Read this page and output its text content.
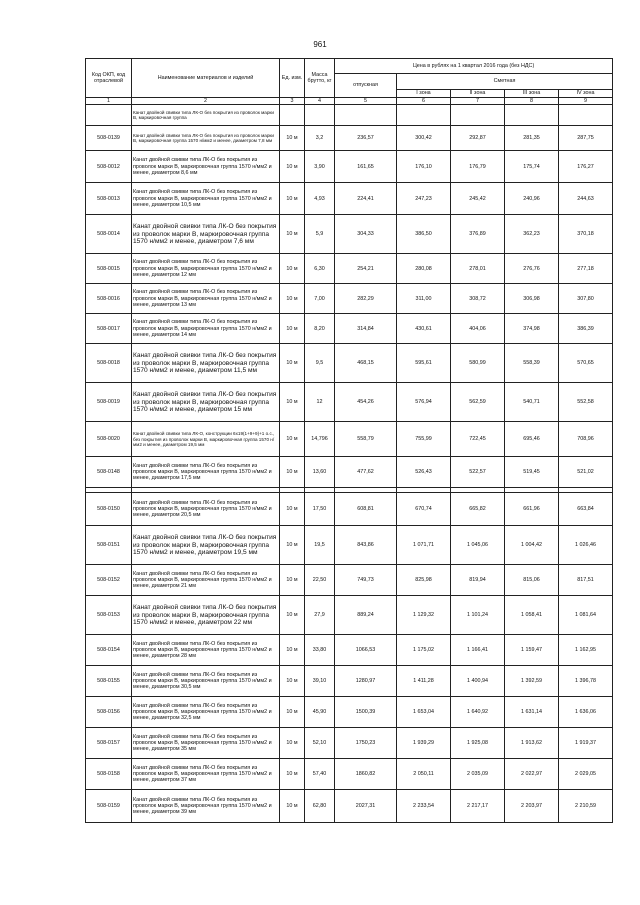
961
Код ОКП, код отраслевой	Наименование материалов и изделий	Ед. изм.	Масса брутто, кг	Цена в рублях на 1 квартал 2016 года (без НДС)				
				отпускная	Сметная			
					I зона	II зона	III зона	IV зона
1	2	3	4	5	6	7	8	9
	Канат двойной свивки типа ЛК-О без покрытия из проволок марки В, маркировочная группа							
508-0139	Канат двойной свивки типа ЛК-О без покрытия из проволок марки В, маркировочная группа 1570 н/мм2 и менее, диаметром 7,8 мм	10 м	3,2	236,57	300,42	292,87	281,35	287,75
508-0012	Канат двойной свивки типа ЛК-О без покрытия из проволок марки В, маркировочная группа 1570 н/мм2 и менее, диаметром 8,6 мм	10 м	3,90	161,65	176,10	176,79	175,74	176,27
508-0013	Канат двойной свивки типа ЛК-О без покрытия из проволок марки В, маркировочная группа 1570 н/мм2 и менее, диаметром 10,5 мм	10 м	4,93	224,41	247,23	245,42	240,96	244,63
508-0014	Канат двойной свивки типа ЛК-О без покрытия из проволок марки В, маркировочная группа 1570 н/мм2 и менее, диаметром 7,6 мм	10 м	5,9	304,33	386,50	376,89	362,23	370,18
508-0015	Канат двойной свивки типа ЛК-О без покрытия из проволок марки В, маркировочная группа 1570 н/мм2 и менее, диаметром 12 мм	10 м	6,30	254,21	280,08	278,01	276,76	277,18
508-0016	Канат двойной свивки типа ЛК-О без покрытия из проволок марки В, маркировочная группа 1570 н/мм2 и менее, диаметром 13 мм	10 м	7,00	282,29	311,00	308,72	306,98	307,80
508-0017	Канат двойной свивки типа ЛК-О без покрытия из проволок марки В, маркировочная группа 1570 н/мм2 и менее, диаметром 14 мм	10 м	8,20	314,84	430,61	404,06	374,98	386,39
508-0018	Канат двойной свивки типа ЛК-О без покрытия из проволок марки В, маркировочная группа 1570 н/мм2 и менее, диаметром 11,5 мм	10 м	9,5	468,15	595,61	580,99	558,39	570,65
508-0019	Канат двойной свивки типа ЛК-О без покрытия из проволок марки В, маркировочная группа 1570 н/мм2 и менее, диаметром 15 мм	10 м	12	454,26	576,94	562,59	540,71	552,58
508-0020	Канат двойной свивки типа ЛК-О, конструкции 6х19(1+9+9)+1 о.с., без покрытия из проволок марки В, маркировочная группа 1570 н/мм2 и менее, диаметром 19,5 мм	10 м	14,796	558,79	755,99	722,45	695,46	708,96
508-0148	Канат двойной свивки типа ЛК-О без покрытия из проволок марки В, маркировочная группа 1570 н/мм2 и менее, диаметром 17,5 мм	10 м	13,60	477,62	526,43	522,57	519,45	521,02

508-0150	Канат двойной свивки типа ЛК-О без покрытия из проволок марки В, маркировочная группа 1570 н/мм2 и менее, диаметром 20,5 мм	10 м	17,50	608,81	670,74	665,82	661,96	663,84
508-0151	Канат двойной свивки типа ЛК-О без покрытия из проволок марки В, маркировочная группа 1570 н/мм2 и менее, диаметром 19,5 мм	10 м	19,5	843,86	1 071,71	1 045,06	1 004,42	1 026,46
508-0152	Канат двойной свивки типа ЛК-О без покрытия из проволок марки В, маркировочная группа 1570 н/мм2 и менее, диаметром 21 мм	10 м	22,50	749,73	825,98	819,94	815,06	817,51
508-0153	Канат двойной свивки типа ЛК-О без покрытия из проволок марки В, маркировочная группа 1570 н/мм2 и менее, диаметром 22 мм	10 м	27,9	889,24	1 129,32	1 101,24	1 058,41	1 081,64
508-0154	Канат двойной свивки типа ЛК-О без покрытия из проволок марки В, маркировочная группа 1570 н/мм2 и менее, диаметром 28 мм	10 м	33,80	1066,53	1 175,02	1 166,41	1 159,47	1 162,95
508-0155	Канат двойной свивки типа ЛК-О без покрытия из проволок марки В, маркировочная группа 1570 н/мм2 и менее, диаметром 30,5 мм	10 м	39,10	1280,97	1 411,28	1 400,94	1 392,59	1 396,78
508-0156	Канат двойной свивки типа ЛК-О без покрытия из проволок марки В, маркировочная группа 1570 н/мм2 и менее, диаметром 32,5 мм	10 м	45,90	1500,39	1 653,04	1 640,92	1 631,14	1 636,06
508-0157	Канат двойной свивки типа ЛК-О без покрытия из проволок марки В, маркировочная группа 1570 н/мм2 и менее, диаметром 35 мм	10 м	52,10	1750,23	1 939,29	1 925,08	1 913,62	1 919,37
508-0158	Канат двойной свивки типа ЛК-О без покрытия из проволок марки В, маркировочная группа 1570 н/мм2 и менее, диаметром 37 мм	10 м	57,40	1860,82	2 050,11	2 035,09	2 022,97	2 029,05
508-0159	Канат двойной свивки типа ЛК-О без покрытия из проволок марки В, маркировочная группа 1570 н/мм2 и менее, диаметром 39 мм	10 м	62,80	2027,31	2 233,54	2 217,17	2 203,97	2 210,59
